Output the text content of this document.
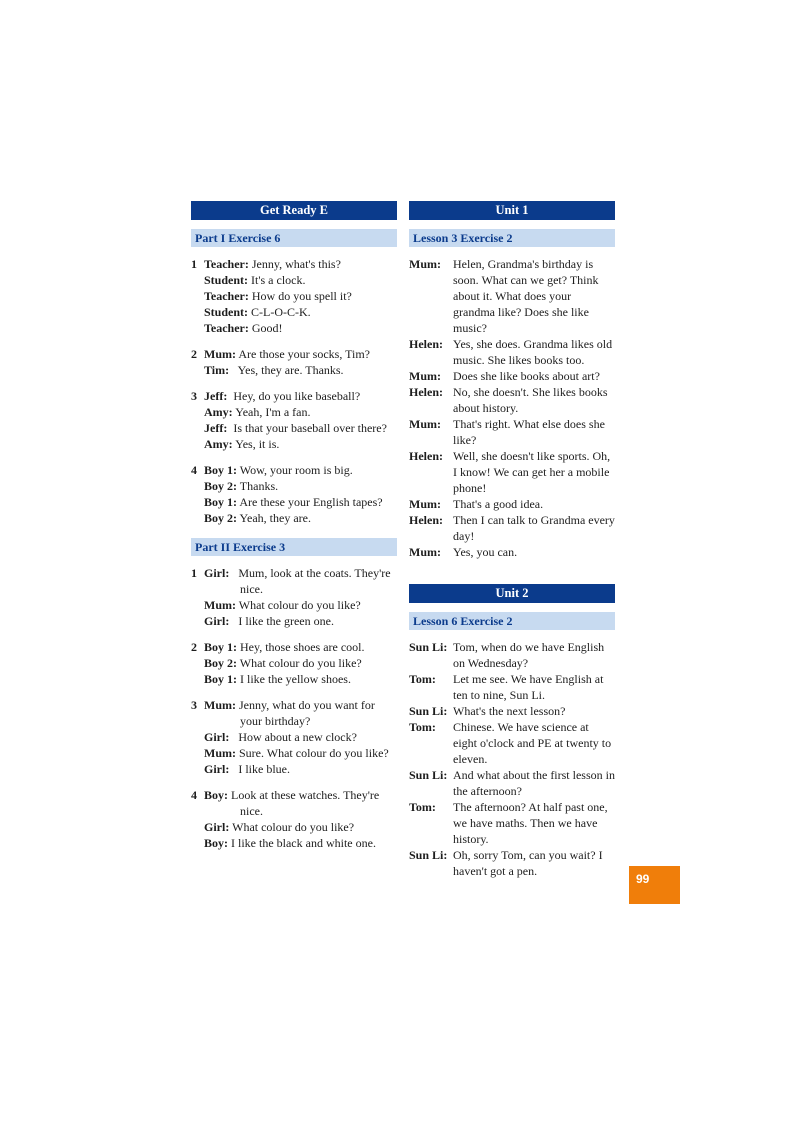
Get Ready E
Part I Exercise 6
1 Teacher: Jenny, what's this?
Student: It's a clock.
Teacher: How do you spell it?
Student: C-L-O-C-K.
Teacher: Good!
2 Mum: Are those your socks, Tim?
Tim:   Yes, they are. Thanks.
3 Jeff:  Hey, do you like baseball?
Amy: Yeah, I'm a fan.
Jeff:  Is that your baseball over there?
Amy: Yes, it is.
4 Boy 1: Wow, your room is big.
Boy 2: Thanks.
Boy 1: Are these your English tapes?
Boy 2: Yeah, they are.
Part II Exercise 3
1 Girl:   Mum, look at the coats. They're
nice.
Mum: What colour do you like?
Girl:   I like the green one.
2 Boy 1: Hey, those shoes are cool.
Boy 2: What colour do you like?
Boy 1: I like the yellow shoes.
3 Mum: Jenny, what do you want for
your birthday?
Girl:   How about a new clock?
Mum: Sure. What colour do you like?
Girl:   I like blue.
4 Boy: Look at these watches. They're
nice.
Girl: What colour do you like?
Boy: I like the black and white one.
Unit 1
Lesson 3 Exercise 2
Mum:	Helen, Grandma's birthday is soon. What can we get? Think about it. What does your grandma like? Does she like music?
Helen: Yes, she does. Grandma likes old music. She likes books too.
Mum:	Does she like books about art?
Helen: No, she doesn't. She likes books about history.
Mum:	That's right. What else does she like?
Helen: Well, she doesn't like sports. Oh, I know! We can get her a mobile phone!
Mum:	That's a good idea.
Helen: Then I can talk to Grandma every day!
Mum:	Yes, you can.
Unit 2
Lesson 6 Exercise 2
Sun Li: Tom, when do we have English on Wednesday?
Tom:	Let me see. We have English at ten to nine, Sun Li.
Sun Li: What's the next lesson?
Tom:	Chinese. We have science at eight o'clock and PE at twenty to eleven.
Sun Li: And what about the first lesson in the afternoon?
Tom:	The afternoon? At half past one, we have maths. Then we have history.
Sun Li: Oh, sorry Tom, can you wait? I haven't got a pen.
99
